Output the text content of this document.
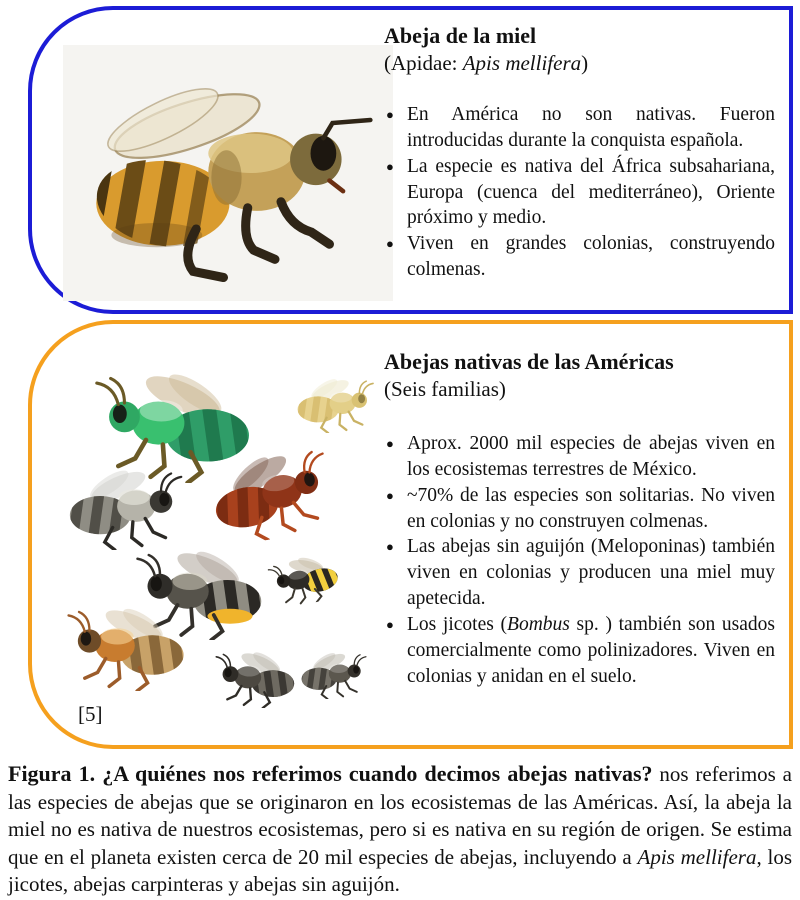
Abeja de la miel
(Apidae: Apis mellifera)
● En América no son nativas. Fueron introducidas durante la conquista española.
● La especie es nativa del África subsahariana, Europa (cuenca del mediterráneo), Oriente próximo y medio.
● Viven en grandes colonias, construyendo colmenas.
[5]
Abejas nativas de las Américas
(Seis familias)
● Aprox. 2000 mil especies de abejas viven en los ecosistemas terrestres de México.
● ~70% de las especies son solitarias. No viven en colonias y no construyen colmenas.
● Las abejas sin aguijón (Meloponinas) también viven en colonias y producen una miel muy apetecida.
● Los jicotes (Bombus sp. ) también son usados comercialmente como polinizadores. Viven en colonias y anidan en el suelo.
Figura 1. ¿A quiénes nos referimos cuando decimos abejas nativas? nos referimos a las especies de abejas que se originaron en los ecosistemas de las Américas. Así, la abeja la miel no es nativa de nuestros ecosistemas, pero si es nativa en su región de origen. Se estima que en el planeta existen cerca de 20 mil especies de abejas, incluyendo a Apis mellifera, los jicotes, abejas carpinteras y abejas sin aguijón.
